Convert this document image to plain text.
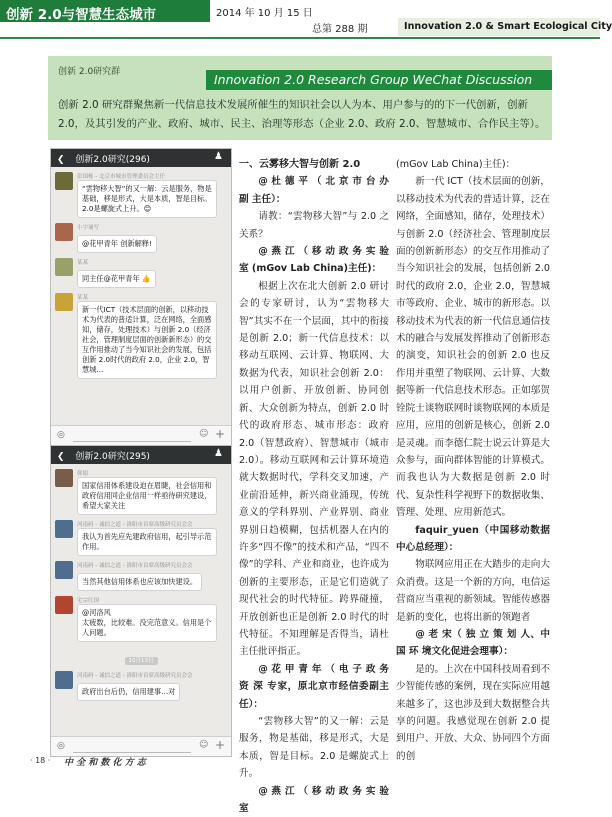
创新 2.0与智慧生态城市	2014 年 10 月 15 日
总第 288 期	Innovation 2.0 & Smart Ecological City
创新 2.0研究群	Innovation 2.0 Research Group WeChat Discussion
创新 2.0 研究群聚焦新一代信息技术发展所催生的知识社会以人为本、用户参与的的下一代创新，创新 2.0，及其引发的产业、政府、城市、民主、治理等形态（企业 2.0、政府 2.0、智慧城市、合作民主等）。
❮ 创新2.0研究(296)	♟
彭国栋 - 北京市城市管理委员会主任
“雲物移大智”的又一解：云是服务，物是基础，移是形式，大是本质，智是目标。2.0是螺旋式上升。😊
小字诵写
@花甲青年 创新解释!
某某
同主任@花甲青年 👍
某某
新一代ICT（技术层面的创新，以移动技术为代表的普适计算，泛在网络，全面感知，储存，处理技术）与创新 2.0（经济社会，管理制度层面的创新新形态）的交互作用推动了当今知识社会的发展，包括创新 2.0时代的政府 2.0，企业 2.0，智慧城...
◎	☺ +
❮ 创新2.0研究(295)	♟
韩娟
国家信用体系建设迫在眉睫，社会信用和政府信用同企业信用一样亟待研究建设，希望大家关注
河南码 - 诚信之道 - 洛阳市首席高级研究员会会
我认为首先应先建政府信用，起引导示范作用。
河南码 - 诚信之道 - 洛阳市首席高级研究员会会
当然其他信用体系也应该加快建设。
宅宗红国
@河洛风
太疲数，比较难。没完范意义。信用是个人问题。
10月13日
河南码 - 诚信之道 - 洛阳市首席高级研究员会会
政府出台后仍，信用建事…对
◎	☺ +

一、云雾移大智与创新 2.0

@ 杜 德 平 （ 北 京 市 台 办 副 主任）：

请教：“雲物移大智”与 2.0 之关系？

@ 燕 江 （ 移 动 政 务 实 验 室 (mGov Lab China)主任)：

根据上次在北大创新 2.0 研讨会的专家研讨，认为“雲物移大智”其实不在一个层面，其中的衔接是创新 2.0；新一代信息技术：以移动互联网、云计算、物联网、大数据为代表，知识社会创新 2.0：以用户创新、开放创新、协同创新、大众创新为特点，创新 2.0 时代的政府形态、城市形态：政府 2.0（智慧政府）、智慧城市（城市 2.0）。移动互联网和云计算环境造就大数据时代，学科交叉加速，产业前沿延伸，新兴商业涌现，传统意义的学科界别、产业界别、商业界别日趋模糊，包括机器人在内的许多“四不像”的技术和产品，“四不像”的学科、产业和商业，也许成为创新的主要形态，正是它们造就了现代社会的时代特征。跨界碰撞，开放创新也正是创新 2.0 时代的时代特征。不知理解是否得当，请杜主任批评指正。

@ 花 甲 青 年 （ 电 子 政 务 资 深 专家，原北京市经信委副主任）：

“雲物移大智”的又一解：云是服务，物是基础，移是形式，大是本质，智是目标。2.0 是螺旋式上升。

@ 燕 江 （ 移 动 政 务 实 验 室

(mGov Lab China)主任)：

新一代 ICT（技术层面的创新，以移动技术为代表的普适计算，泛在网络，全面感知，储存，处理技术）与创新 2.0（经济社会、管理制度层面的创新新形态）的交互作用推动了当今知识社会的发展，包括创新 2.0 时代的政府 2.0，企业 2.0，智慧城市等政府、企业、城市的新形态。以移动技术为代表的新一代信息通信技术的融合与发展发挥推动了创新形态的演变，知识社会的创新 2.0 也反作用并重塑了物联网、云计算、大数据等新一代信息技术形态。正如邬贺铨院士谈物联网时谈物联网的本质是应用，应用的创新是核心，创新 2.0 是灵魂。而李德仁院士说云计算是大众参与，面向群体智能的计算模式。而我也认为大数据是创新 2.0 时代、复杂性科学视野下的数据收集、管理、处理、应用新范式。

faquir_yuen（中国移动数据中心总经理）：

物联网应用正在大踏步的走向大众消费。这是一个新的方向，电信运营商应当重视的新领域。智能传感器是新的变化，也将出新的领跑者

@ 老 宋（ 独 立 策 划 人、中 国 环 境文化促进会理事）：

是的。上次在中国科技周看到不少智能传感的案例，现在实际应用越来越多了，这也涉及到大数据整合共享的问题。我感觉现在创新 2.0 提到用户、开放、大众、协同四个方面的创

· 18 · 中 全 和 数 化 方 志
